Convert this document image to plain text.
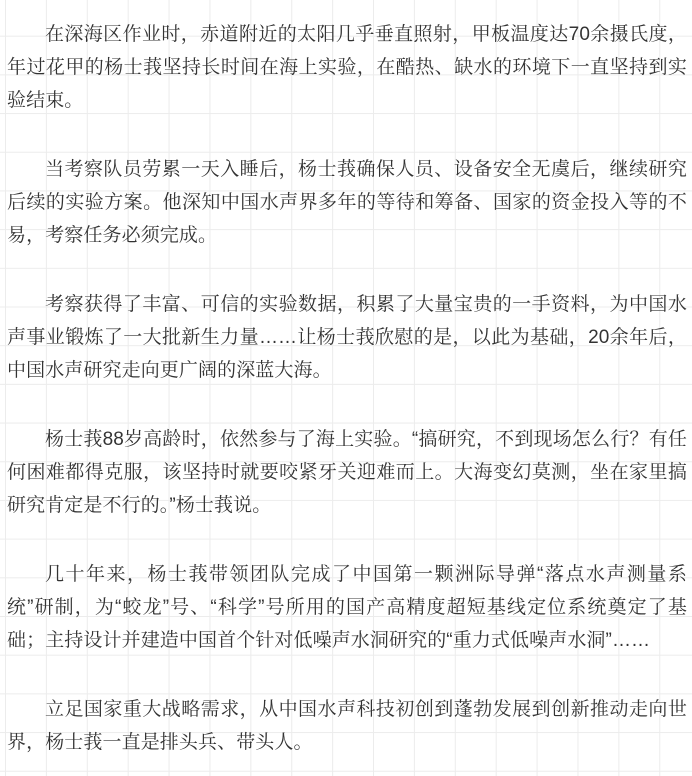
在深海区作业时，赤道附近的太阳几乎垂直照射，甲板温度达70余摄氏度，年过花甲的杨士莪坚持长时间在海上实验，在酷热、缺水的环境下一直坚持到实验结束。

当考察队员劳累一天入睡后，杨士莪确保人员、设备安全无虞后，继续研究后续的实验方案。他深知中国水声界多年的等待和筹备、国家的资金投入等的不易，考察任务必须完成。

考察获得了丰富、可信的实验数据，积累了大量宝贵的一手资料，为中国水声事业锻炼了一大批新生力量……让杨士莪欣慰的是，以此为基础，20余年后，中国水声研究走向更广阔的深蓝大海。

杨士莪88岁高龄时，依然参与了海上实验。“搞研究，不到现场怎么行？有任何困难都得克服，该坚持时就要咬紧牙关迎难而上。大海变幻莫测，坐在家里搞研究肯定是不行的。”杨士莪说。

几十年来，杨士莪带领团队完成了中国第一颗洲际导弹“落点水声测量系统”研制，为“蛟龙”号、“科学”号所用的国产高精度超短基线定位系统奠定了基础；主持设计并建造中国首个针对低噪声水洞研究的“重力式低噪声水洞”……

立足国家重大战略需求，从中国水声科技初创到蓬勃发展到创新推动走向世界，杨士莪一直是排头兵、带头人。
